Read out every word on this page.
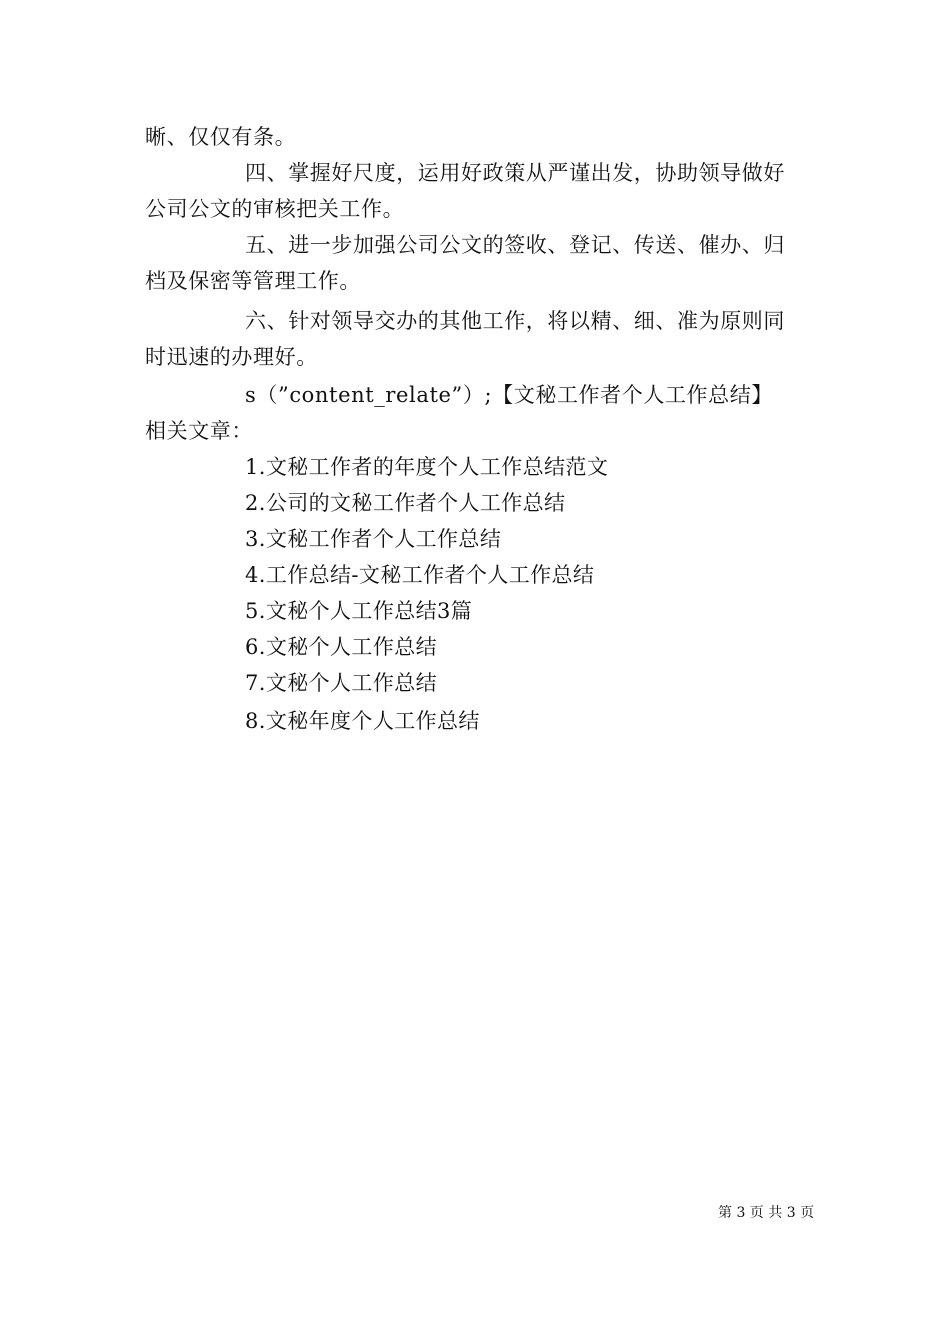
晰、仅仅有条。
四、掌握好尺度，运用好政策从严谨出发，协助领导做好
公司公文的审核把关工作。
五、进一步加强公司公文的签收、登记、传送、催办、归
档及保密等管理工作。
六、针对领导交办的其他工作，将以精、细、准为原则同
时迅速的办理好。
s（”content_relate”）;【文秘工作者个人工作总结】
相关文章：
1.文秘工作者的年度个人工作总结范文
2.公司的文秘工作者个人工作总结
3.文秘工作者个人工作总结
4.工作总结-文秘工作者个人工作总结
5.文秘个人工作总结3篇
6.文秘个人工作总结
7.文秘个人工作总结
8.文秘年度个人工作总结
第 3 页 共 3 页
